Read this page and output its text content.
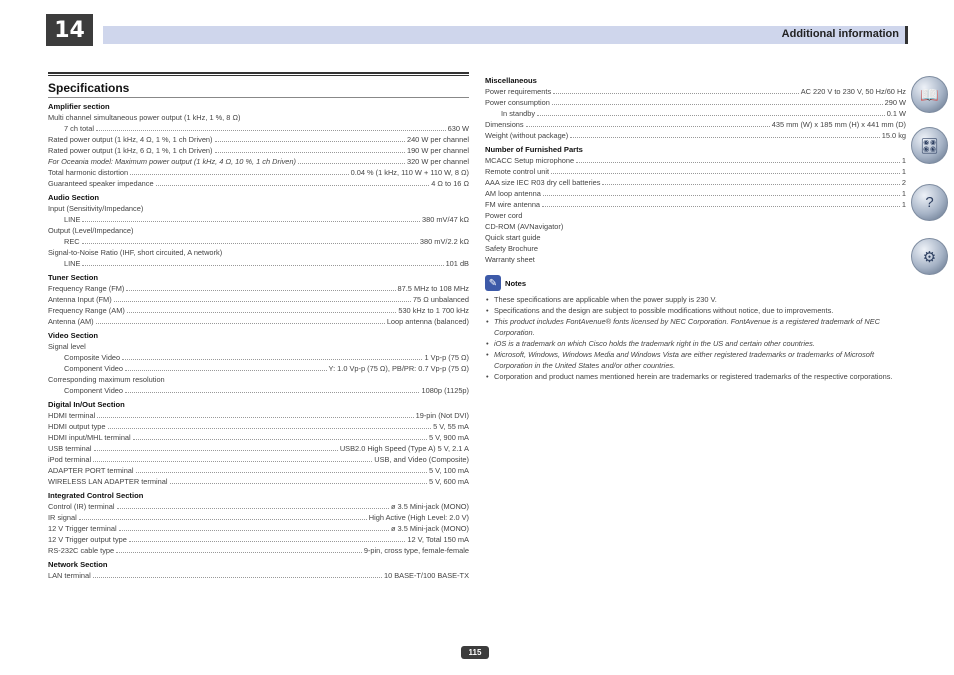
14	Additional information
Specifications
Amplifier section
Multi channel simultaneous power output (1 kHz, 1 %, 8 Ω)
7 ch total	630 W
Rated power output (1 kHz, 4 Ω, 1 %, 1 ch Driven)	240 W per channel
Rated power output (1 kHz, 6 Ω, 1 %, 1 ch Driven)	190 W per channel
For Oceania model: Maximum power output (1 kHz, 4 Ω, 10 %, 1 ch Driven)	320 W per channel
Total harmonic distortion	0.04 % (1 kHz, 110 W + 110 W, 8 Ω)
Guaranteed speaker impedance	4 Ω to 16 Ω
Audio Section
Input (Sensitivity/Impedance)
LINE	380 mV/47 kΩ
Output (Level/Impedance)
REC	380 mV/2.2 kΩ
Signal-to-Noise Ratio (IHF, short circuited, A network)
LINE	101 dB
Tuner Section
Frequency Range (FM)	87.5 MHz to 108 MHz
Antenna Input (FM)	75 Ω unbalanced
Frequency Range (AM)	530 kHz to 1 700 kHz
Antenna (AM)	Loop antenna (balanced)
Video Section
Signal level
Composite Video	1 Vp-p (75 Ω)
Component Video	Y: 1.0 Vp-p (75 Ω), PB/PR: 0.7 Vp-p (75 Ω)
Corresponding maximum resolution
Component Video	1080p (1125p)
Digital In/Out Section
HDMI terminal	19-pin (Not DVI)
HDMI output type	5 V, 55 mA
HDMI input/MHL terminal	5 V, 900 mA
USB terminal	USB2.0 High Speed (Type A) 5 V, 2.1 A
iPod terminal	USB, and Video (Composite)
ADAPTER PORT terminal	5 V, 100 mA
WIRELESS LAN ADAPTER terminal	5 V, 600 mA
Integrated Control Section
Control (IR) terminal	ø 3.5 Mini-jack (MONO)
IR signal	High Active (High Level: 2.0 V)
12 V Trigger terminal	ø 3.5 Mini-jack (MONO)
12 V Trigger output type	12 V, Total 150 mA
RS-232C cable type	9-pin, cross type, female-female
Network Section
LAN terminal	10 BASE-T/100 BASE-TX
Miscellaneous
Power requirements	AC 220 V to 230 V, 50 Hz/60 Hz
Power consumption	290 W
In standby	0.1 W
Dimensions	435 mm (W) x 185 mm (H) x 441 mm (D)
Weight (without package)	15.0 kg
Number of Furnished Parts
MCACC Setup microphone	1
Remote control unit	1
AAA size IEC R03 dry cell batteries	2
AM loop antenna	1
FM wire antenna	1
Power cord
CD-ROM (AVNavigator)
Quick start guide
Safety Brochure
Warranty sheet
✎	Notes
• These specifications are applicable when the power supply is 230 V.
• Specifications and the design are subject to possible modifications without notice, due to improvements.
• This product includes FontAvenue® fonts licensed by NEC Corporation. FontAvenue is a registered trademark of NEC Corporation.
• iOS is a trademark on which Cisco holds the trademark right in the US and certain other countries.
• Microsoft, Windows, Windows Media and Windows Vista are either registered trademarks or trademarks of Microsoft Corporation in the United States and/or other countries.
• Corporation and product names mentioned herein are trademarks or registered trademarks of the respective corporations.
📖
🎛
?
⚙
115
